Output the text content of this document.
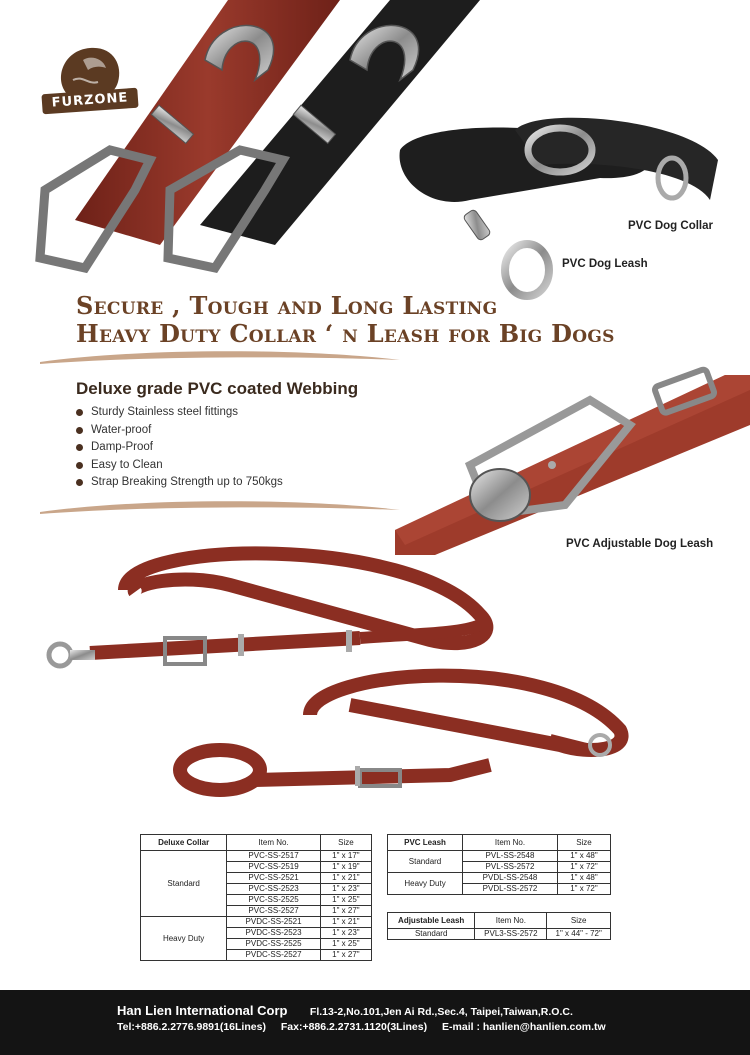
FURZONE
PVC Dog Collar
PVC Dog Leash
Secure , Tough and Long Lasting
Heavy Duty Collar ‘ n Leash for Big Dogs
Deluxe grade PVC coated Webbing
Sturdy Stainless steel fittings
Water-proof
Damp-Proof
Easy to Clean
Strap Breaking Strength up to 750kgs
PVC Adjustable Dog Leash
Deluxe Collar	Item No.	Size
Standard	PVC-SS-2517	1" x 17"
	PVC-SS-2519	1" x 19"
	PVC-SS-2521	1" x 21"
	PVC-SS-2523	1" x 23"
	PVC-SS-2525	1" x 25"
	PVC-SS-2527	1" x 27"
Heavy Duty	PVDC-SS-2521	1" x 21"
	PVDC-SS-2523	1" x 23"
	PVDC-SS-2525	1" x 25"
	PVDC-SS-2527	1" x 27"
PVC Leash	Item No.	Size
Standard	PVL-SS-2548	1" x 48"
	PVL-SS-2572	1" x 72"
Heavy Duty	PVDL-SS-2548	1" x 48"
	PVDL-SS-2572	1" x 72"
Adjustable Leash	Item No.	Size
Standard	PVL3-SS-2572	1" x 44" - 72"
Han Lien International Corp Fl.13-2,No.101,Jen Ai Rd.,Sec.4, Taipei,Taiwan,R.O.C.
Tel:+886.2.2776.9891(16Lines) Fax:+886.2.2731.1120(3Lines) E-mail : hanlien@hanlien.com.tw
